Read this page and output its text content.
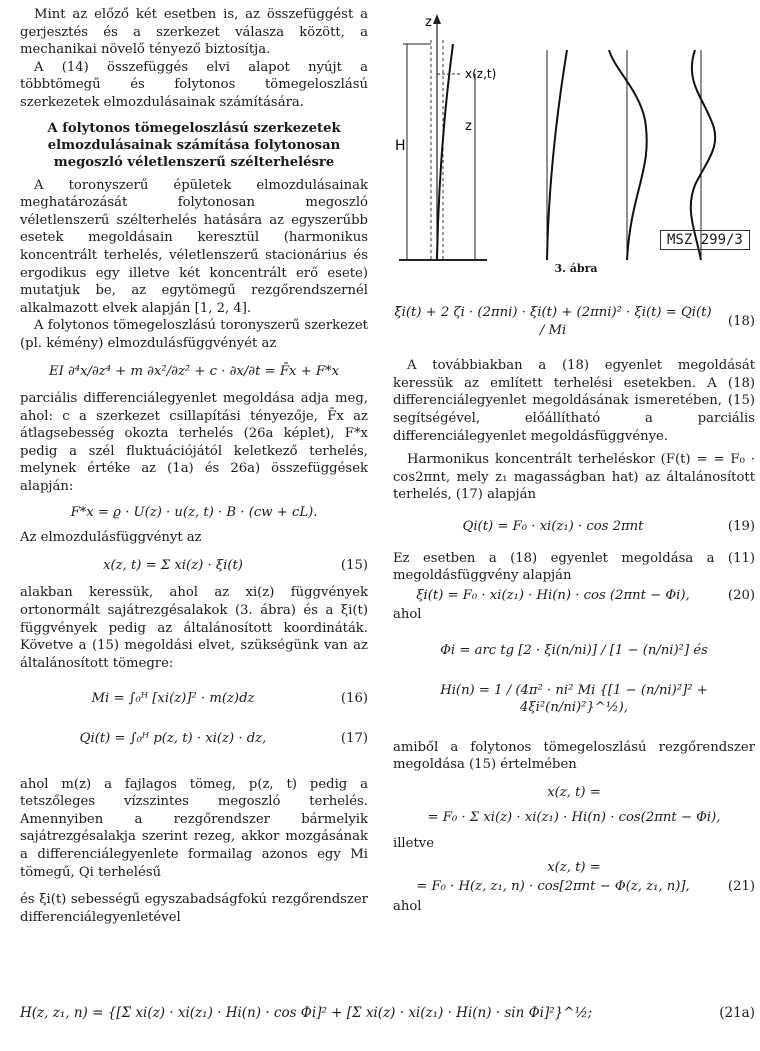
Mint az előző két esetben is, az összefüggést a gerjesztés és a szerkezet válasza között, a mechanikai növelő tényező biztosítja.

A (14) összefüggés elvi alapot nyújt a többtömegű és folytonos tömegeloszlású szerkezetek elmozdulásainak számítására.

A folytonos tömegeloszlású szerkezetek elmozdulásainak számítása folytonosan megoszló véletlenszerű szélterhelésre

A toronyszerű épületek elmozdulásainak meghatározását folytonosan megoszló véletlenszerű szélterhelés hatására az egyszerűbb esetek megoldásain keresztül (harmonikus koncentrált terhelés, véletlenszerű stacionárius és ergodikus egy illetve két koncentrált erő esete) mutatjuk be, az egytömegű rezgőrendszernél alkalmazott elvek alapján [1, 2, 4].

A folytonos tömegeloszlású toronyszerű szerkezet (pl. kémény) elmozdulásfüggvényét az

EI ∂⁴x/∂z⁴ + m ∂x²/∂z² + c · ∂x/∂t = F̄x + F*x

parciális differenciálegyenlet megoldása adja meg, ahol: c a szerkezet csillapítási tényezője, F̄x az átlagsebesség okozta terhelés (26a képlet), F*x pedig a szél fluktuációjától keletkező terhelés, melynek értéke az (1a) és 26a) összefüggések alapján:

F*x = ϱ · U(z) · u(z, t) · B · (cw + cL).

Az elmozdulásfüggvényt az

x(z, t) = Σ xi(z) · ξi(t)	(15)

alakban keressük, ahol az xi(z) függvények ortonormált sajátrezgésalakok (3. ábra) és a ξi(t) függvények pedig az általánosított koordináták. Követve a (15) megoldási elvet, szükségünk van az általánosított tömegre:

Mi = ∫₀ᴴ [xi(z)]² · m(z)dz	(16)
Qi(t) = ∫₀ᴴ p(z, t) · xi(z) · dz,	(17)

ahol m(z) a fajlagos tömeg, p(z, t) pedig a tetszőleges vízszintes megoszló terhelés. Amennyiben a rezgőrendszer bármelyik sajátrezgésalakja szerint rezeg, akkor mozgásának a differenciálegyenlete formailag azonos egy Mi tömegű, Qi terhelésű

és ξi(t) sebességű egyszabadságfokú rezgőrendszer differenciálegyenletével

z
x(z,t)
H
z
MSZ 299/3
3. ábra
ξ̈i(t) + 2 ζi · (2πni) · ξ̇i(t) + (2πni)² · ξi(t) = Qi(t) / Mi
(18)

A továbbiakban a (18) egyenlet megoldását keressük az említett terhelési esetekben. A (18) differenciálegyenlet megoldásának ismeretében, (15) segítségével, előállítható a parciális differenciálegyenlet megoldásfüggvénye.

Harmonikus koncentrált terheléskor (F(t) = = F₀ · cos2πnt, mely z₁ magasságban hat) az általánosított terhelés, (17) alapján

Qi(t) = F₀ · xi(z₁) · cos 2πnt	(19)

Ez esetben a (18) egyenlet megoldása a (11) megoldásfüggvény alapján

ξi(t) = F₀ · xi(z₁) · Hi(n) · cos (2πnt − Φi),	(20)

ahol

Φi = arc tg [2 · ξi(n/ni)] / [1 − (n/ni)²] és
Hi(n) = 1 / (4π² · ni² Mi {[1 − (n/ni)²]² + 4ξi²(n/ni)²}^½),

amiből a folytonos tömegeloszlású rezgőrendszer megoldása (15) értelmében

x(z, t) =
= F₀ · Σ xi(z) · xi(z₁) · Hi(n) · cos(2πnt − Φi),

illetve

x(z, t) =
= F₀ · H(z, z₁, n) · cos[2πnt − Φ(z, z₁, n)],	(21)

ahol

H(z, z₁, n) = {[Σ xi(z) · xi(z₁) · Hi(n) · cos Φi]² + [Σ xi(z) · xi(z₁) · Hi(n) · sin Φi]²}^½;	(21a)
